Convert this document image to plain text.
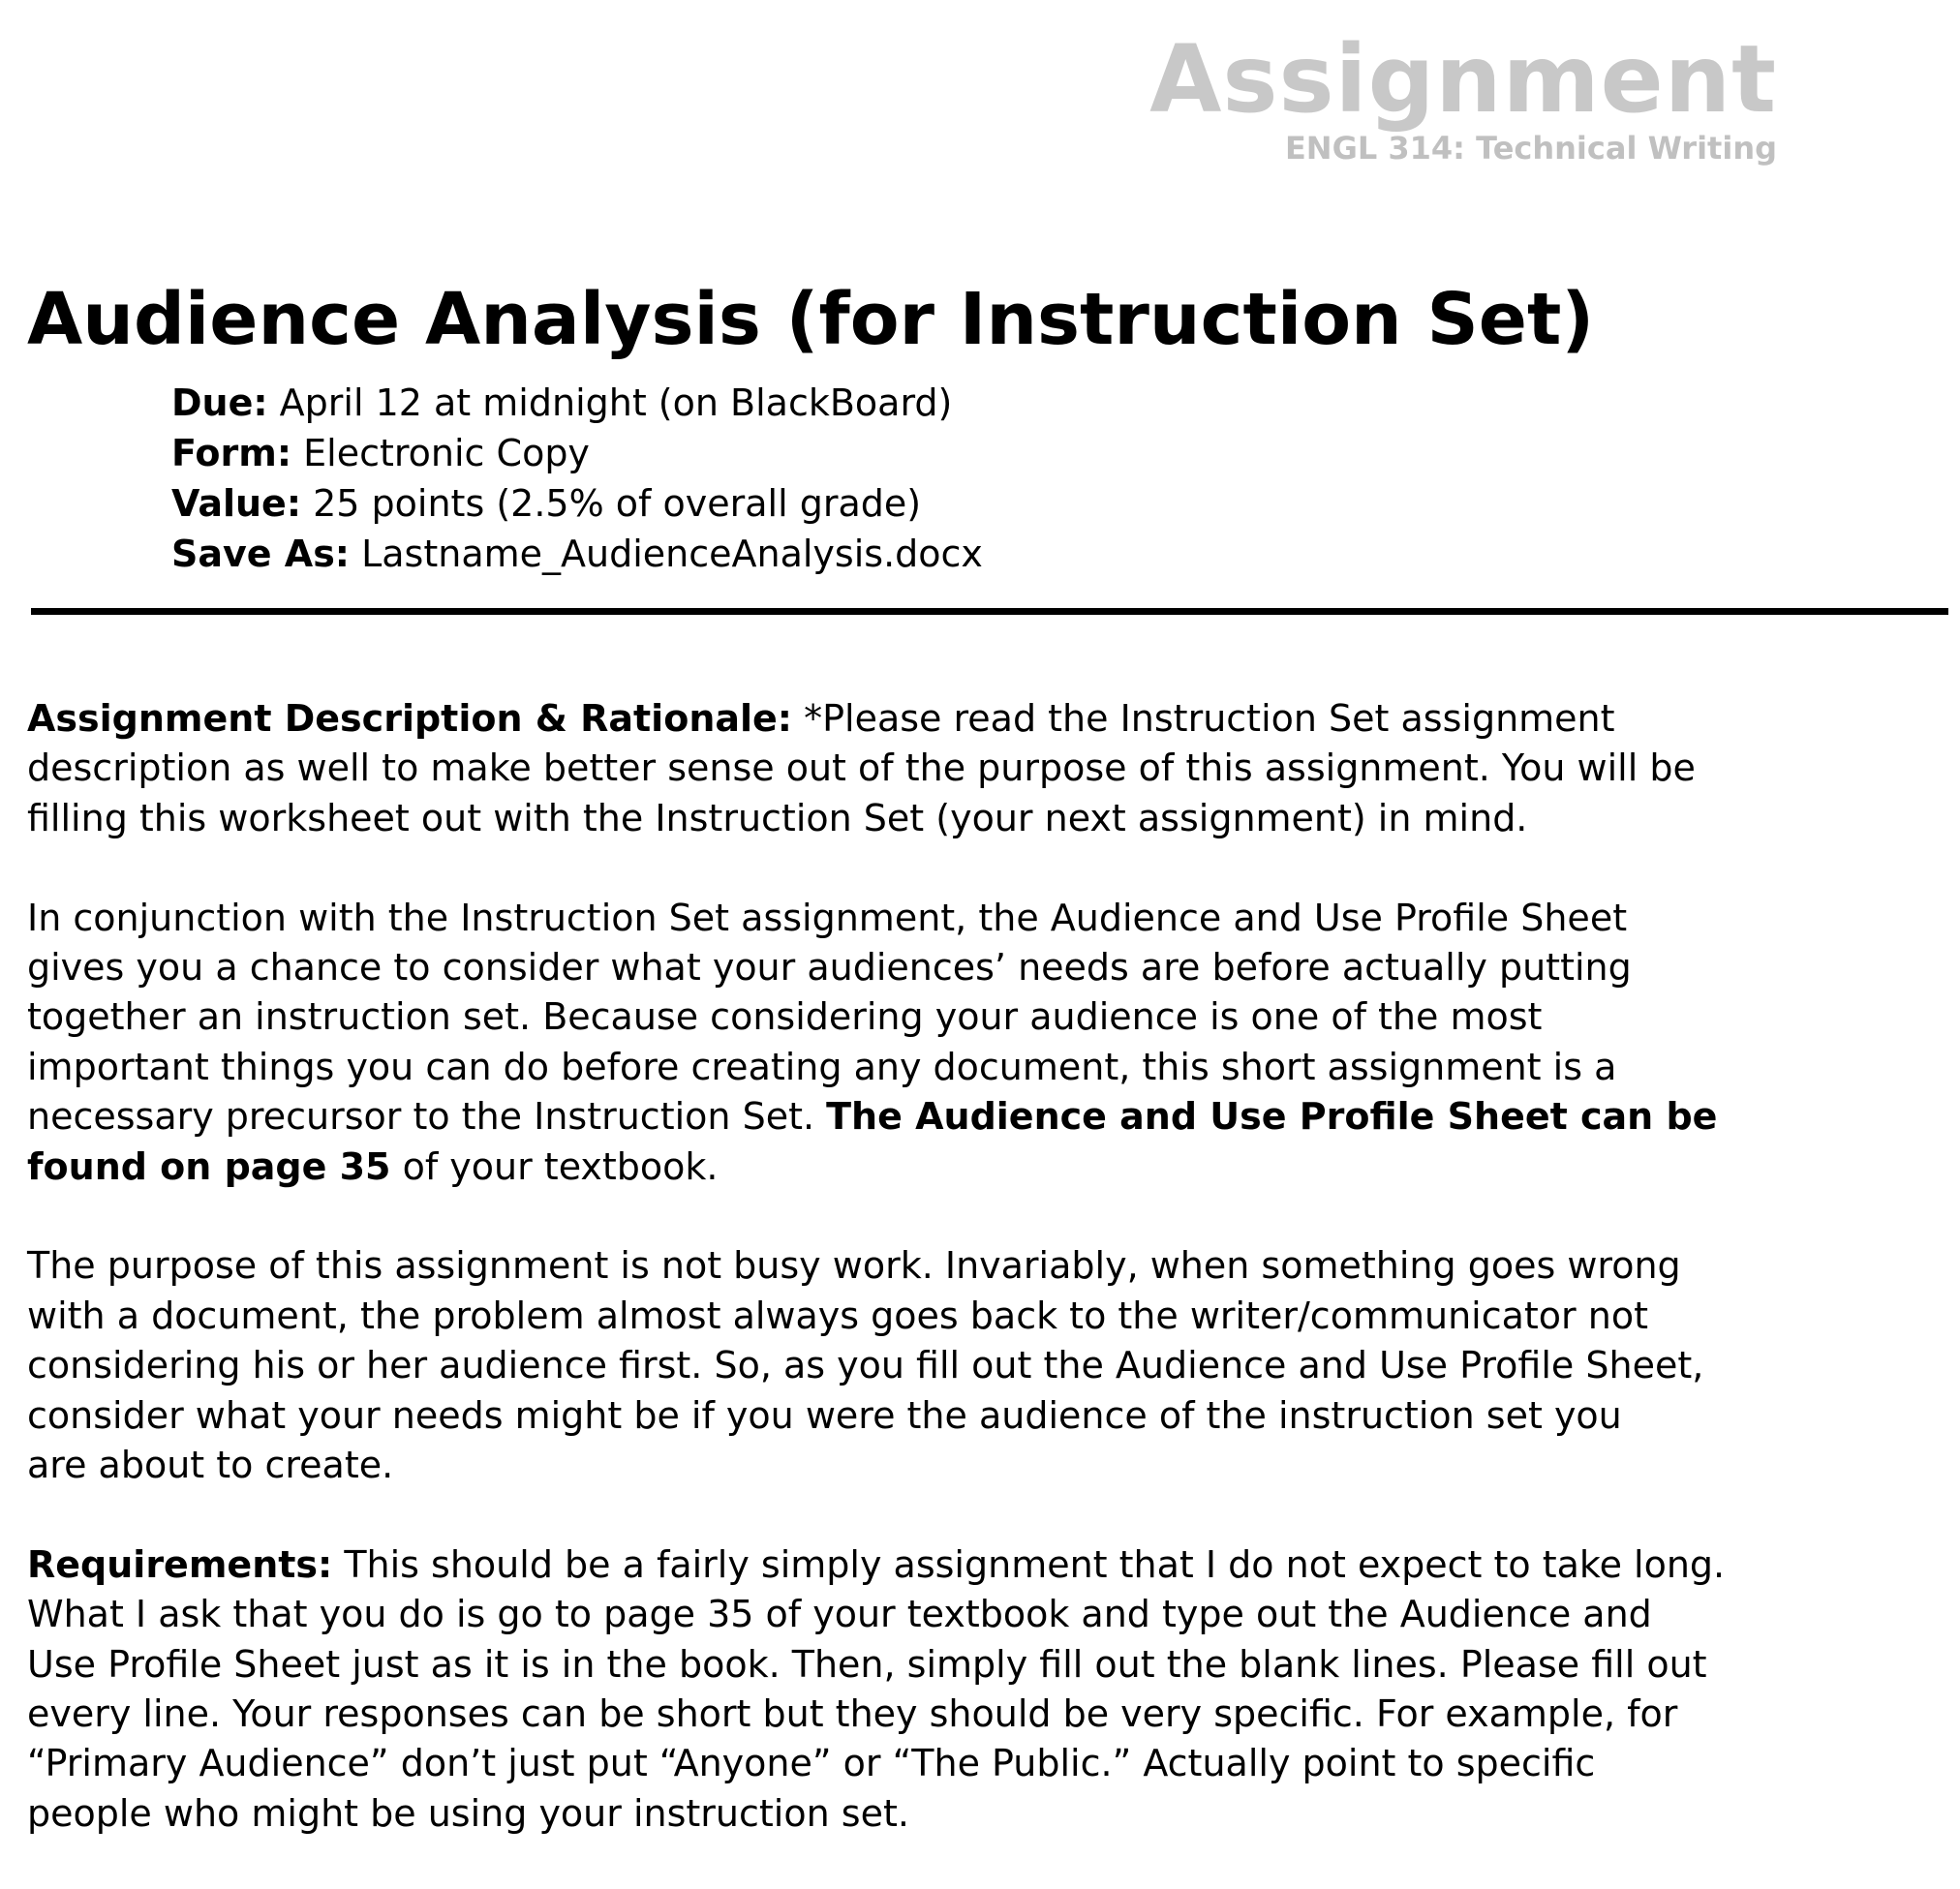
Assignment
ENGL 314: Technical Writing
Audience Analysis (for Instruction Set)
Due: April 12 at midnight (on BlackBoard)
Form: Electronic Copy
Value: 25 points (2.5% of overall grade)
Save As: Lastname_AudienceAnalysis.docx

Assignment Description & Rationale: *Please read the Instruction Set assignment
description as well to make better sense out of the purpose of this assignment. You will be
filling this worksheet out with the Instruction Set (your next assignment) in mind.

In conjunction with the Instruction Set assignment, the Audience and Use Profile Sheet
gives you a chance to consider what your audiences’ needs are before actually putting
together an instruction set. Because considering your audience is one of the most
important things you can do before creating any document, this short assignment is a
necessary precursor to the Instruction Set. The Audience and Use Profile Sheet can be
found on page 35 of your textbook.

The purpose of this assignment is not busy work. Invariably, when something goes wrong
with a document, the problem almost always goes back to the writer/communicator not
considering his or her audience first. So, as you fill out the Audience and Use Profile Sheet,
consider what your needs might be if you were the audience of the instruction set you
are about to create.

Requirements: This should be a fairly simply assignment that I do not expect to take long.
What I ask that you do is go to page 35 of your textbook and type out the Audience and
Use Profile Sheet just as it is in the book. Then, simply fill out the blank lines. Please fill out
every line. Your responses can be short but they should be very specific. For example, for
“Primary Audience” don’t just put “Anyone” or “The Public.” Actually point to specific
people who might be using your instruction set.
